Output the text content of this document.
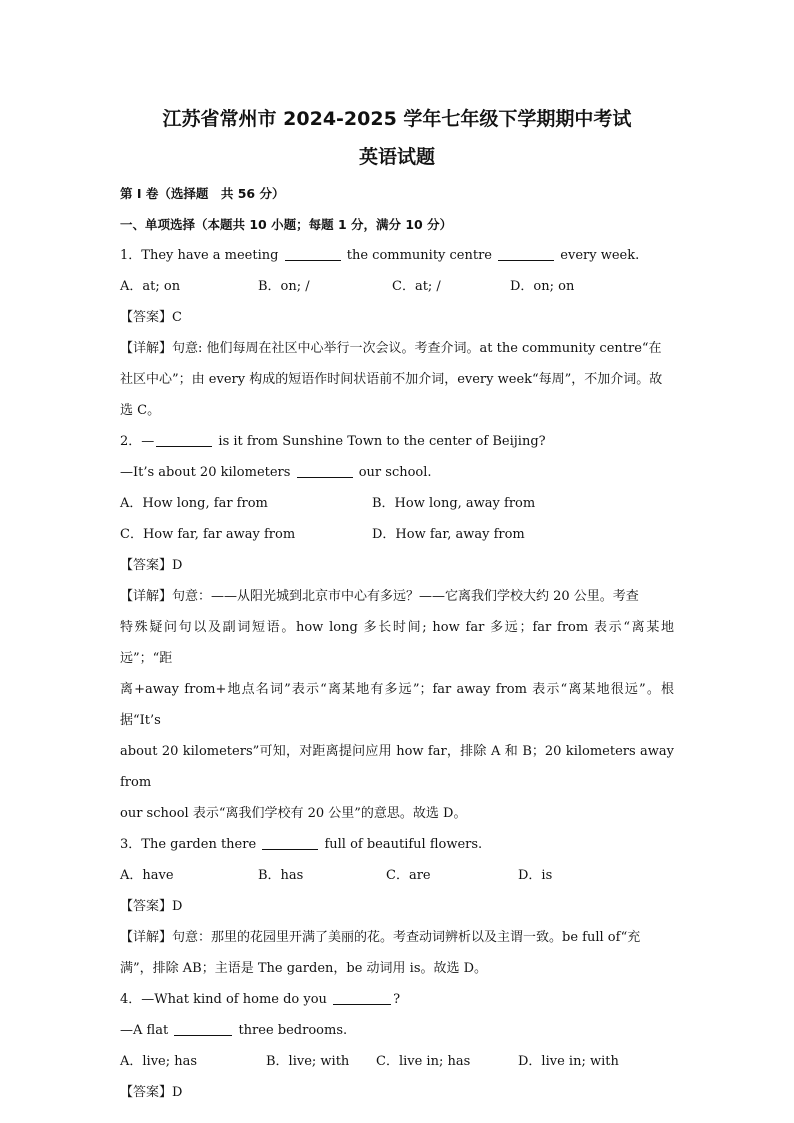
江苏省常州市 2024-2025 学年七年级下学期期中考试

英语试题

第 I 卷（选择题　共 56 分）

一、单项选择（本题共 10 小题；每题 1 分，满分 10 分）

1．They have a meeting	the community centre	every week.

A．at; on	B．on; /	C．at; /	D．on; on

【答案】C

【详解】句意: 他们每周在社区中心举行一次会议。考查介词。at the community centre“在

社区中心”；由 every 构成的短语作时间状语前不加介词，every week“每周”，不加介词。故

选 C。

2．—	is it from Sunshine Town to the center of Beijing?

—It’s about 20 kilometers	our school.

A．How long, far from	B．How long, away from
C．How far, far away from	D．How far, away from

【答案】D

【详解】句意：——从阳光城到北京市中心有多远？——它离我们学校大约 20 公里。考查

特殊疑问句以及副词短语。how long 多长时间; how far 多远；far from 表示“离某地远”；“距

离+away from+地点名词”表示“离某地有多远”；far away from 表示“离某地很远”。根据“It’s

about 20 kilometers”可知，对距离提问应用 how far，排除 A 和 B；20 kilometers away from

our school 表示“离我们学校有 20 公里”的意思。故选 D。

3．The garden there	full of beautiful flowers.

A．have	B．has	C．are	D．is

【答案】D

【详解】句意：那里的花园里开满了美丽的花。考查动词辨析以及主谓一致。be full of“充

满”，排除 AB；主语是 The garden，be 动词用 is。故选 D。

4．—What kind of home do you	?

—A flat	three bedrooms.

A．live; has	B．live; with	C．live in; has	D．live in; with

【答案】D
